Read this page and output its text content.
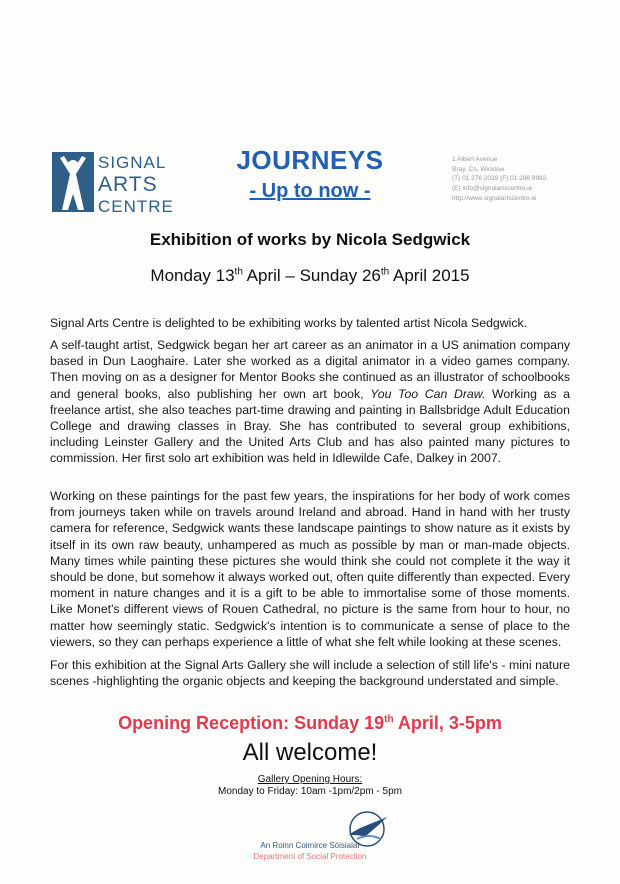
SIGNAL
ARTS
CENTRE
JOURNEYS
- Up to now -
1 Albert Avenue
Bray, Co. Wicklow
(T) 01 276 2039 (F) 01 286 9982
(E) info@signalartscentre.ie
http://www.signalartscentre.ie
Exhibition of works by Nicola Sedgwick
Monday 13th April – Sunday 26th April 2015

Signal Arts Centre is delighted to be exhibiting works by talented artist Nicola Sedgwick.

A self-taught artist, Sedgwick began her art career as an animator in a US animation company based in Dun Laoghaire. Later she worked as a digital animator in a video games company. Then moving on as a designer for Mentor Books she continued as an illustrator of schoolbooks and general books, also publishing her own art book, You Too Can Draw. Working as a freelance artist, she also teaches part-time drawing and painting in Ballsbridge Adult Education College and drawing classes in Bray. She has contributed to several group exhibitions, including Leinster Gallery and the United Arts Club and has also painted many pictures to commission. Her first solo art exhibition was held in Idlewilde Cafe, Dalkey in 2007.

Working on these paintings for the past few years, the inspirations for her body of work comes from journeys taken while on travels around Ireland and abroad. Hand in hand with her trusty camera for reference, Sedgwick wants these landscape paintings to show nature as it exists by itself in its own raw beauty, unhampered as much as possible by man or man-made objects. Many times while painting these pictures she would think she could not complete it the way it should be done, but somehow it always worked out, often quite differently than expected. Every moment in nature changes and it is a gift to be able to immortalise some of those moments. Like Monet's different views of Rouen Cathedral, no picture is the same from hour to hour, no matter how seemingly static. Sedgwick's intention is to communicate a sense of place to the viewers, so they can perhaps experience a little of what she felt while looking at these scenes.

For this exhibition at the Signal Arts Gallery she will include a selection of still life's - mini nature scenes -highlighting the organic objects and keeping the background understated and simple.

Opening Reception: Sunday 19th April, 3-5pm
All welcome!
Gallery Opening Hours:
Monday to Friday: 10am -1pm/2pm - 5pm
An Roinn Coimirce Sóisialaí
Department of Social Protection
